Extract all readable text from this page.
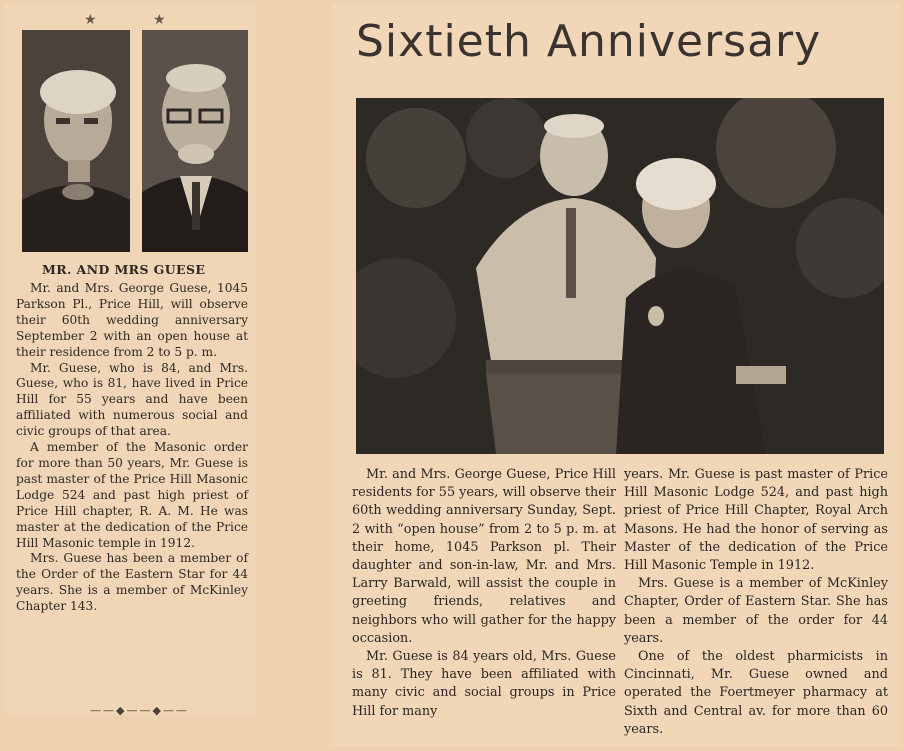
★ ★
MR. AND MRS GUESE

Mr. and Mrs. George Guese, 1045 Parkson Pl., Price Hill, will observe their 60th wedding anniversary September 2 with an open house at their residence from 2 to 5 p. m.

Mr. Guese, who is 84, and Mrs. Guese, who is 81, have lived in Price Hill for 55 years and have been affiliated with numerous social and civic groups of that area.

A member of the Masonic order for more than 50 years, Mr. Guese is past master of the Price Hill Masonic Lodge 524 and past high priest of Price Hill chapter, R. A. M. He was master at the dedication of the Price Hill Masonic temple in 1912.

Mrs. Guese has been a member of the Order of the Eastern Star for 44 years. She is a member of McKinley Chapter 143.

——◆——◆——
Sixtieth Anniversary

Mr. and Mrs. George Guese, Price Hill residents for 55 years, will observe their 60th wedding anniversary Sunday, Sept. 2 with “open house” from 2 to 5 p. m. at their home, 1045 Parkson pl. Their daughter and son-in-law, Mr. and Mrs. Larry Barwald, will assist the couple in greeting friends, relatives and neighbors who will gather for the happy occasion.

Mr. Guese is 84 years old, Mrs. Guese is 81. They have been affiliated with many civic and social groups in Price Hill for many

years. Mr. Guese is past master of Price Hill Masonic Lodge 524, and past high priest of Price Hill Chapter, Royal Arch Masons. He had the honor of serving as Master of the dedication of the Price Hill Masonic Temple in 1912.

Mrs. Guese is a member of McKinley Chapter, Order of Eastern Star. She has been a member of the order for 44 years.

One of the oldest pharmicists in Cincinnati, Mr. Guese owned and operated the Foertmeyer pharmacy at Sixth and Central av. for more than 60 years.
